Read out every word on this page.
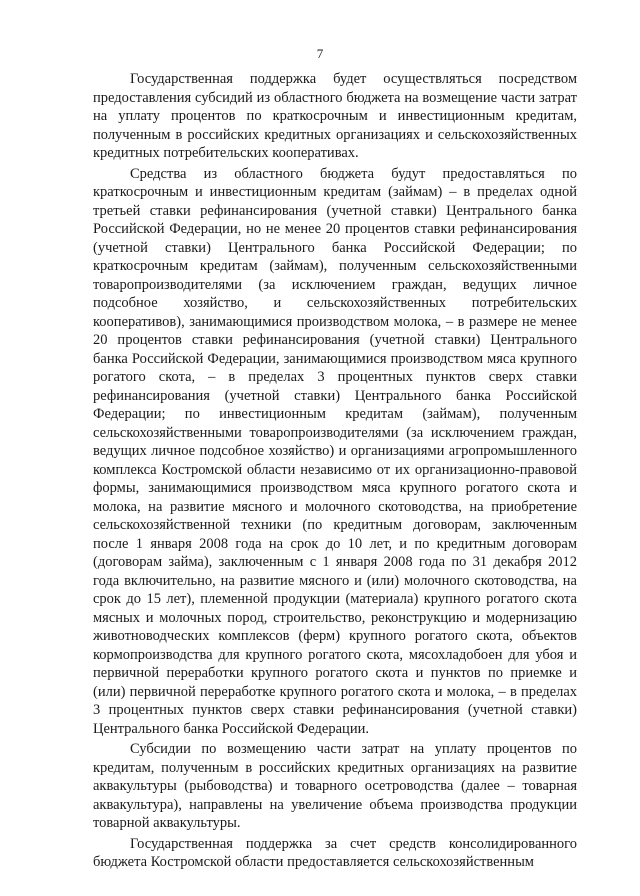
7

Государственная поддержка будет осуществляться посредством предоставления субсидий из областного бюджета на возмещение части затрат на уплату процентов по краткосрочным и инвестиционным кредитам, полученным в российских кредитных организациях и сельскохозяйственных кредитных потребительских кооперативах.

Средства из областного бюджета будут предоставляться по краткосрочным и инвестиционным кредитам (займам) – в пределах одной третьей ставки рефинансирования (учетной ставки) Центрального банка Российской Федерации, но не менее 20 процентов ставки рефинансирования (учетной ставки) Центрального банка Российской Федерации; по краткосрочным кредитам (займам), полученным сельскохозяйственными товаропроизводителями (за исключением граждан, ведущих личное подсобное хозяйство, и сельскохозяйственных потребительских кооперативов), занимающимися производством молока, – в размере не менее 20 процентов ставки рефинансирования (учетной ставки) Центрального банка Российской Федерации, занимающимися производством мяса крупного рогатого скота, – в пределах 3 процентных пунктов сверх ставки рефинансирования (учетной ставки) Центрального банка Российской Федерации; по инвестиционным кредитам (займам), полученным сельскохозяйственными товаропроизводителями (за исключением граждан, ведущих личное подсобное хозяйство) и организациями агропромышленного комплекса Костромской области независимо от их организационно-правовой формы, занимающимися производством мяса крупного рогатого скота и молока, на развитие мясного и молочного скотоводства, на приобретение сельскохозяйственной техники (по кредитным договорам, заключенным после 1 января 2008 года на срок до 10 лет, и по кредитным договорам (договорам займа), заключенным с 1 января 2008 года по 31 декабря 2012 года включительно, на развитие мясного и (или) молочного скотоводства, на срок до 15 лет), племенной продукции (материала) крупного рогатого скота мясных и молочных пород, строительство, реконструкцию и модернизацию животноводческих комплексов (ферм) крупного рогатого скота, объектов кормопроизводства для крупного рогатого скота, мясохладобоен для убоя и первичной переработки крупного рогатого скота и пунктов по приемке и (или) первичной переработке крупного рогатого скота и молока, – в пределах 3 процентных пунктов сверх ставки рефинансирования (учетной ставки) Центрального банка Российской Федерации.

Субсидии по возмещению части затрат на уплату процентов по кредитам, полученным в российских кредитных организациях на развитие аквакультуры (рыбоводства) и товарного осетроводства (далее – товарная аквакультура), направлены на увеличение объема производства продукции товарной аквакультуры.

Государственная поддержка за счет средств консолидированного бюджета Костромской области предоставляется сельскохозяйственным
